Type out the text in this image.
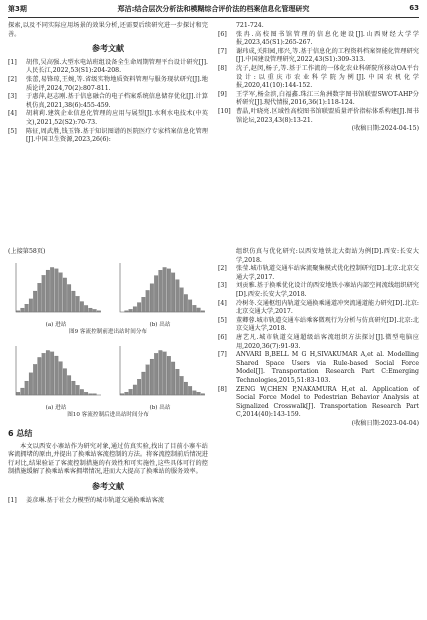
第3期	郑洁:结合层次分析法和模糊综合评价法的档案信息化管理研究	63

探索,以及不同实际应用场景的效果分析,还需要后续研究进一步探讨和完善。

参考文献
[1]	胡伟,吴高强.大型水电站班组设备全生命周期管理平台设计研究[J].人民长江,2022,53(S1):204-208.
[2]	张蕾,易锋琼,王婉,等.省级实物地质资料管理与服务现状研究[J].地质论评,2024,70(2):807-811.
[3]	于惠萍,赵志刚.基于信息融合的电子档案系统信息储存优化[J].计算机仿真,2021,38(6):455-459.
[4]	胡莉莉.建筑企业信息化管理的应用与展望[J].水利水电技术(中英文),2021,52(S2):70-73.
[5]	陈征,周武胜,钱玉锋.基于知识图谱的医院医疗专家档案信息化管理[J].中国卫生资源,2023,26(6):
721-724.
[6]	张冉.高校图书馆管理的信息化建设[J].山西财经大学学报,2023,45(S1):265-267.
[7]	谢玮成,关阳园,邢兴,等.基于信息化的工程资料档案智能化管理研究[J].中国建设管理研究,2022,43(S1):309-313.
[8]	沈子,赵闵,杨子,等.基于工作流的一体化农业科研院所移动OA平台设计:以重庆市农业科学院为例[J].中国农机化学报,2020,41(10):144-152.
[9]	王学军,杨金滨,白福鑫.珠江三角洲数字图书馆联盟SWOT-AHP分析研究[J].现代情报,2016,36(1):118-124.
[10] 曹晶,叶晓亮.区域性高校图书馆联盟质量评价指标体系构建[J].图书馆论坛,2023,43(8):13-21.
(收稿日期:2024-04-15)
(上接第58页)
(a) 进站	(b) 出站
图9 客流控制前进出站时间分布
(a) 进站	(b) 出站
图10 客流控制后进出站时间分布
6 总结

本文以西安小寨站作为研究对象,通过仿真实验,找出了目前小寨车站客流拥堵的原由,并提出了换乘站客流控制的方法。将客流控制前后情况进行对比,结果验证了客流控制措施的有效性和可实施性,这些具体可行的控制措施缓解了换乘站乘客拥堵情况,进而大大提高了换乘站的服务效率。

参考文献
[1]	姜彦琳.基于社会力模型的城市轨道交通换乘站客流
组织仿真与优化研究:以西安地铁北大街站为例[D].西安:长安大学,2018.
[2]	张莹.城市轨道交通车站客流聚集模式优化控制研究[D].北京:北京交通大学,2017.
[3]	刘贡雅.基于换乘优化设计的西安地铁小寨站内部空间流线组织研究[D].西安:长安大学,2018.
[4]	冷树冬.交通枢纽内轨道交通换乘通道冲突流通道能力研究[D].北京:北京交通大学,2017.
[5]	董卿蓉.城市轨道交通车站乘客微观行为分析与仿真研究[D].北京:北京交通大学,2018.
[6]	唐艺凡.城市轨道交通超级站客流组织方法探讨[J].微型电脑应用,2020,36(7):91-93.
[7]	ANVARI B,BELL M G H,SIVAKUMAR A,et al. Modelling Shared Space Users via Rule-based Social Force Model[J]. Transportation Research Part C:Emerging Technologies,2015,51:83-103.
[8]	ZENG W,CHEN P,NAKAMURA H,et al. Application of Social Force Model to Pedestrian Behavior Analysis at Signalized Crosswalk[J]. Transportation Research Part C,2014(40):143-159.
(收稿日期:2023-04-04)
